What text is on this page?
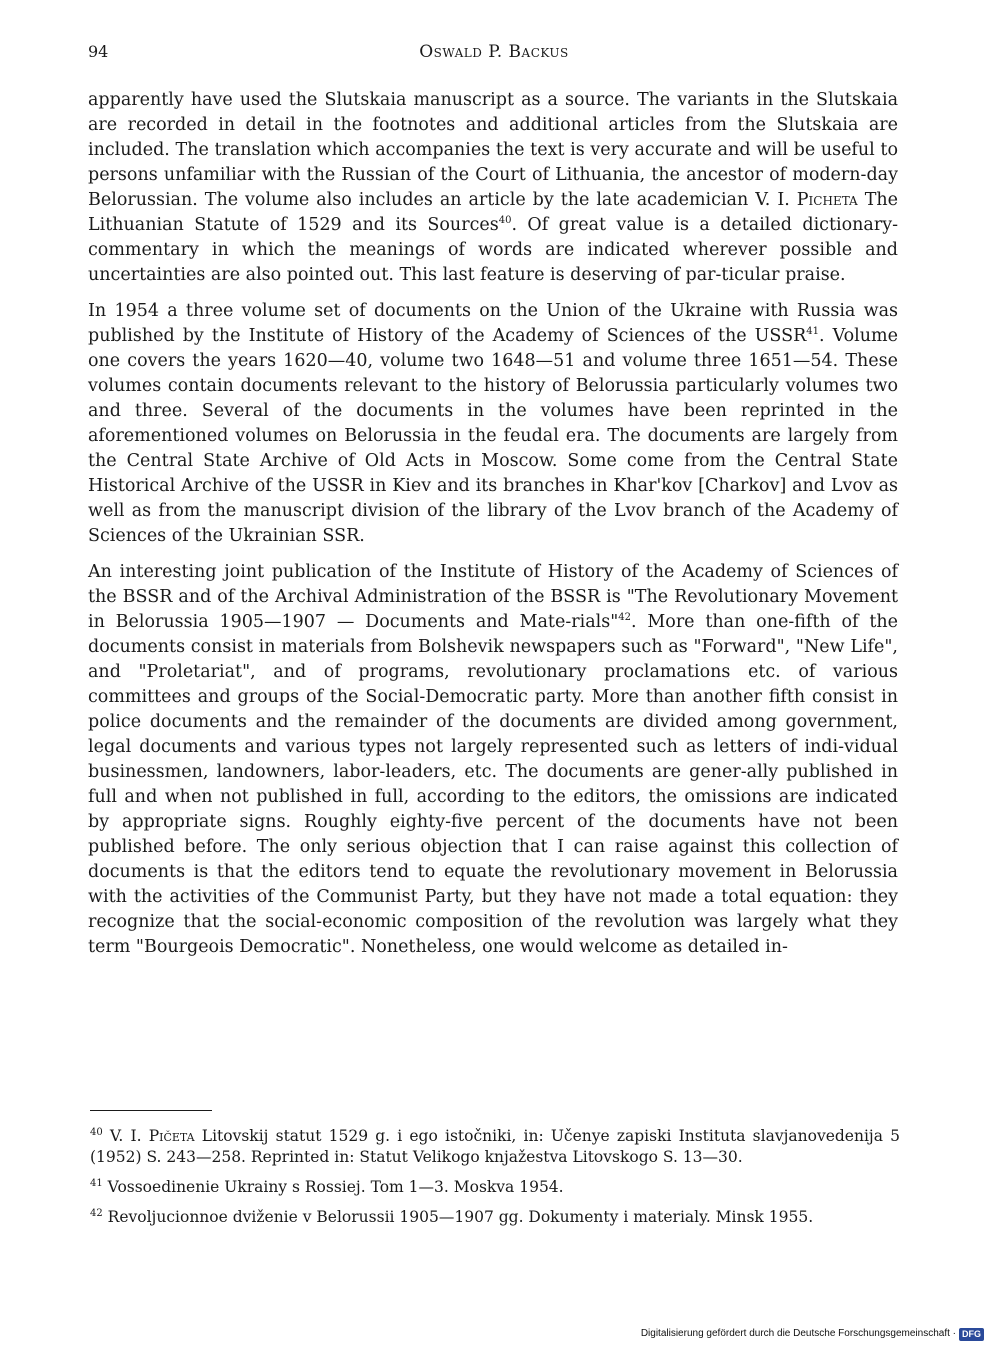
94	Oswald P. Backus

apparently have used the Slutskaia manuscript as a source. The variants in the Slutskaia are recorded in detail in the footnotes and additional articles from the Slutskaia are included. The translation which accompanies the text is very accurate and will be useful to persons unfamiliar with the Russian of the Court of Lithuania, the ancestor of modern-day Belorussian. The volume also includes an article by the late academician V. I. Picheta The Lithuanian Statute of 1529 and its Sources$^{40}$. Of great value is a detailed dictionary-commentary in which the meanings of words are indicated wherever possible and uncertainties are also pointed out. This last feature is deserving of par-ticular praise.

In 1954 a three volume set of documents on the Union of the Ukraine with Russia was published by the Institute of History of the Academy of Sciences of the USSR$^{41}$. Volume one covers the years 1620—40, volume two 1648—51 and volume three 1651—54. These volumes contain documents relevant to the history of Belorussia particularly volumes two and three. Several of the documents in the volumes have been reprinted in the aforementioned volumes on Belorussia in the feudal era. The documents are largely from the Central State Archive of Old Acts in Moscow. Some come from the Central State Historical Archive of the USSR in Kiev and its branches in Khar'kov [Charkov] and Lvov as well as from the manuscript division of the library of the Lvov branch of the Academy of Sciences of the Ukrainian SSR.

An interesting joint publication of the Institute of History of the Academy of Sciences of the BSSR and of the Archival Administration of the BSSR is "The Revolutionary Movement in Belorussia 1905—1907 — Documents and Mate-rials"$^{42}$. More than one-fifth of the documents consist in materials from Bolshevik newspapers such as "Forward", "New Life", and "Proletariat", and of programs, revolutionary proclamations etc. of various committees and groups of the Social-Democratic party. More than another fifth consist in police documents and the remainder of the documents are divided among government, legal documents and various types not largely represented such as letters of indi-vidual businessmen, landowners, labor-leaders, etc. The documents are gener-ally published in full and when not published in full, according to the editors, the omissions are indicated by appropriate signs. Roughly eighty-five percent of the documents have not been published before. The only serious objection that I can raise against this collection of documents is that the editors tend to equate the revolutionary movement in Belorussia with the activities of the Communist Party, but they have not made a total equation: they recognize that the social-economic composition of the revolution was largely what they term "Bourgeois Democratic". Nonetheless, one would welcome as detailed in-

$^{40}$ V. I. Pičeta Litovskij statut 1529 g. i ego istočniki, in: Učenye zapiski Instituta slavjanovedenija 5 (1952) S. 243—258. Reprinted in: Statut Velikogo knjažestva Litovskogo S. 13—30.

$^{41}$ Vossoedinenie Ukrainy s Rossiej. Tom 1—3. Moskva 1954.

$^{42}$ Revoljucionnoe dviženie v Belorussii 1905—1907 gg. Dokumenty i materialy. Minsk 1955.

Digitalisierung gefördert durch die Deutsche Forschungsgemeinschaft · DFG
